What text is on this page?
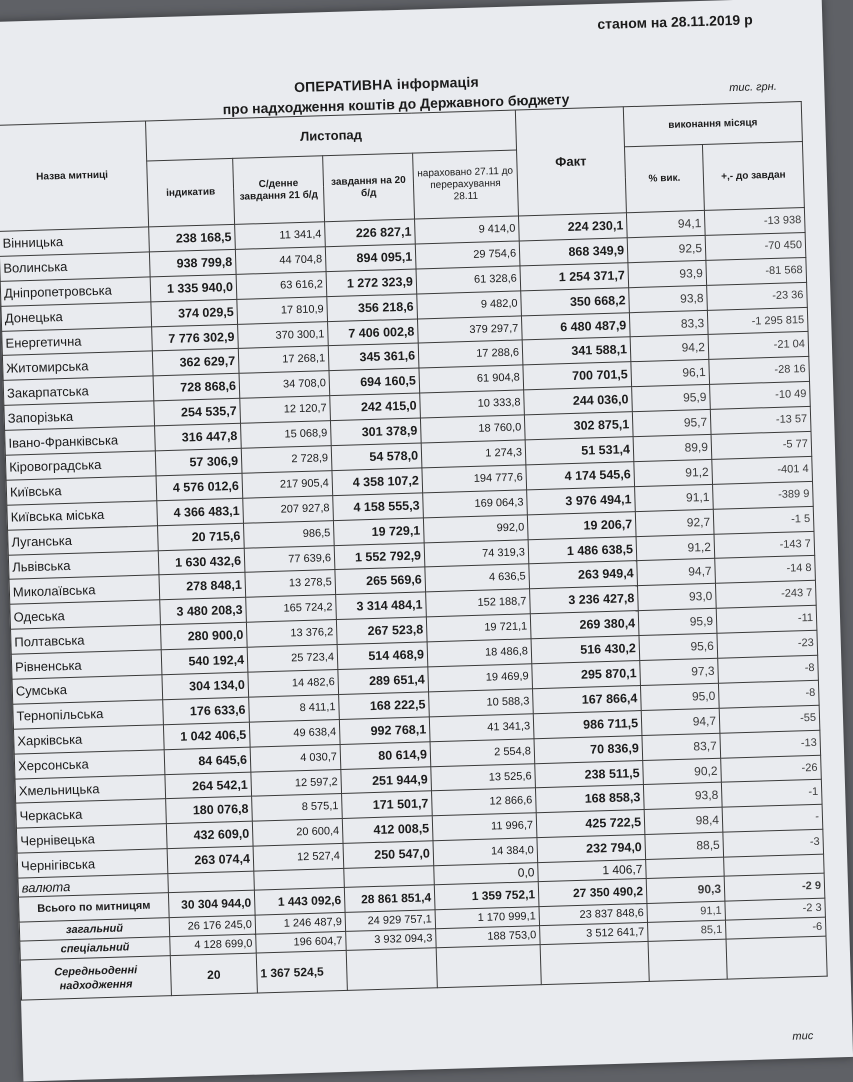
станом на 28.11.2019 р
ОПЕРАТИВНА інформація
про надходження коштів до Державного бюджету
тис. грн.
Назва митниці	Листопад				Факт	виконання місяця	
	індикатив	С/денне завдання 21 б/д	завдання на 20 б/д	нараховано 27.11 до перерахування 28.11		% вик.	+,- до завдан

Вінницька	238 168,5	11 341,4	226 827,1	9 414,0	224 230,1	94,1	-13 938
Волинська	938 799,8	44 704,8	894 095,1	29 754,6	868 349,9	92,5	-70 450
Дніпропетровська	1 335 940,0	63 616,2	1 272 323,9	61 328,6	1 254 371,7	93,9	-81 568
Донецька	374 029,5	17 810,9	356 218,6	9 482,0	350 668,2	93,8	-23 36
Енергетична	7 776 302,9	370 300,1	7 406 002,8	379 297,7	6 480 487,9	83,3	-1 295 815
Житомирська	362 629,7	17 268,1	345 361,6	17 288,6	341 588,1	94,2	-21 04
Закарпатська	728 868,6	34 708,0	694 160,5	61 904,8	700 701,5	96,1	-28 16
Запорізька	254 535,7	12 120,7	242 415,0	10 333,8	244 036,0	95,9	-10 49
Івано-Франківська	316 447,8	15 068,9	301 378,9	18 760,0	302 875,1	95,7	-13 57
Кіровоградська	57 306,9	2 728,9	54 578,0	1 274,3	51 531,4	89,9	-5 77
Київська	4 576 012,6	217 905,4	4 358 107,2	194 777,6	4 174 545,6	91,2	-401 4
Київська міська	4 366 483,1	207 927,8	4 158 555,3	169 064,3	3 976 494,1	91,1	-389 9
Луганська	20 715,6	986,5	19 729,1	992,0	19 206,7	92,7	-1 5
Львівська	1 630 432,6	77 639,6	1 552 792,9	74 319,3	1 486 638,5	91,2	-143 7
Миколаївська	278 848,1	13 278,5	265 569,6	4 636,5	263 949,4	94,7	-14 8
Одеська	3 480 208,3	165 724,2	3 314 484,1	152 188,7	3 236 427,8	93,0	-243 7
Полтавська	280 900,0	13 376,2	267 523,8	19 721,1	269 380,4	95,9	-11
Рівненська	540 192,4	25 723,4	514 468,9	18 486,8	516 430,2	95,6	-23
Сумська	304 134,0	14 482,6	289 651,4	19 469,9	295 870,1	97,3	-8
Тернопільська	176 633,6	8 411,1	168 222,5	10 588,3	167 866,4	95,0	-8
Харківська	1 042 406,5	49 638,4	992 768,1	41 341,3	986 711,5	94,7	-55
Херсонська	84 645,6	4 030,7	80 614,9	2 554,8	70 836,9	83,7	-13
Хмельницька	264 542,1	12 597,2	251 944,9	13 525,6	238 511,5	90,2	-26
Черкаська	180 076,8	8 575,1	171 501,7	12 866,6	168 858,3	93,8	-1
Чернівецька	432 609,0	20 600,4	412 008,5	11 996,7	425 722,5	98,4	-
Чернігівська	263 074,4	12 527,4	250 547,0	14 384,0	232 794,0	88,5	-3
валюта				0,0	1 406,7		
Всього по митницям	30 304 944,0	1 443 092,6	28 861 851,4	1 359 752,1	27 350 490,2	90,3	-2 9
загальний	26 176 245,0	1 246 487,9	24 929 757,1	1 170 999,1	23 837 848,6	91,1	-2 3
спеціальний	4 128 699,0	196 604,7	3 932 094,3	188 753,0	3 512 641,7	85,1	-6
Середньоденні надходження	20	1 367 524,5					
тис
